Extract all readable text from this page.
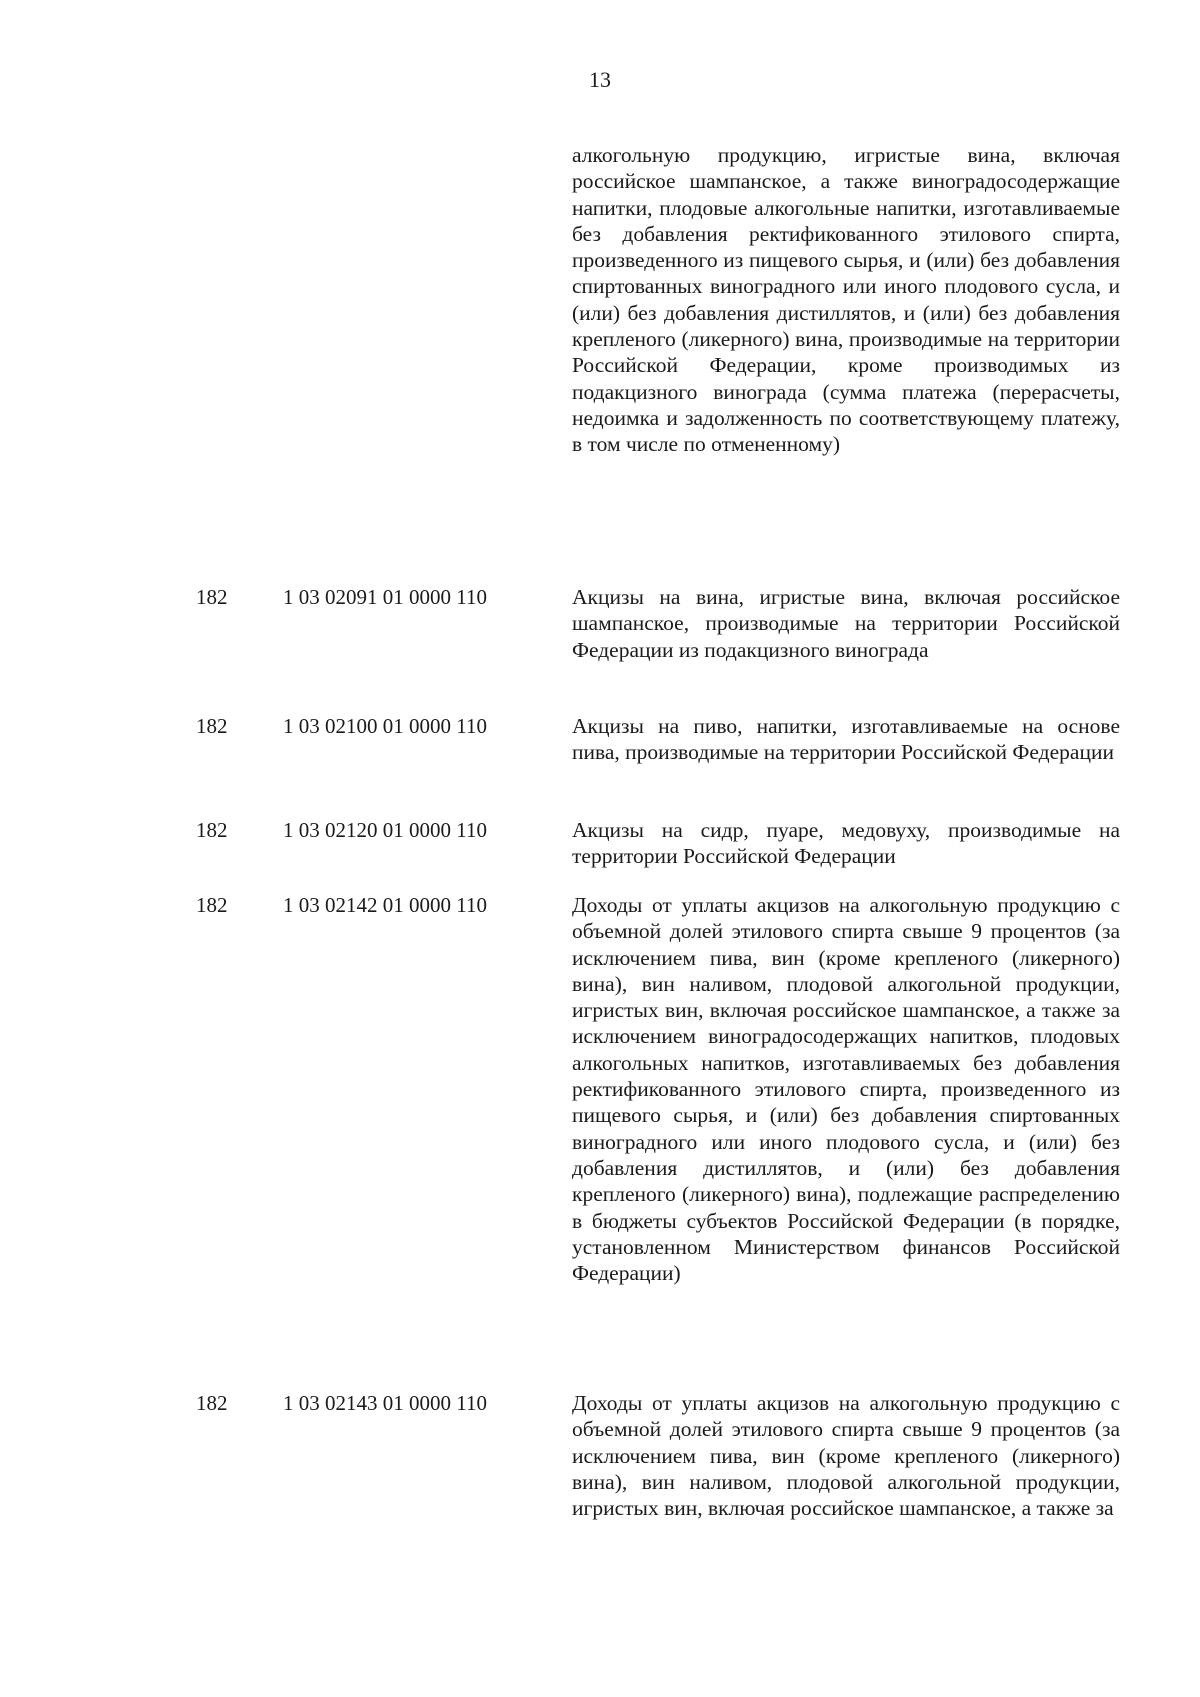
13
алкогольную продукцию, игристые вина, включая российское шампанское, а также виноградосодержащие напитки, плодовые алкогольные напитки, изготавливаемые без добавления ректификованного этилового спирта, произведенного из пищевого сырья, и (или) без добавления спиртованных виноградного или иного плодового сусла, и (или) без добавления дистиллятов, и (или) без добавления крепленого (ликерного) вина, производимые на территории Российской Федерации, кроме производимых из подакцизного винограда (сумма платежа (перерасчеты, недоимка и задолженность по соответствующему платежу, в том числе по отмененному)
182	1 03 02091 01 0000 110	Акцизы на вина, игристые вина, включая российское шампанское, производимые на территории Российской Федерации из подакцизного винограда
182	1 03 02100 01 0000 110	Акцизы на пиво, напитки, изготавливаемые на основе пива, производимые на территории Российской Федерации
182	1 03 02120 01 0000 110	Акцизы на сидр, пуаре, медовуху, производимые на территории Российской Федерации
182	1 03 02142 01 0000 110	Доходы от уплаты акцизов на алкогольную продукцию с объемной долей этилового спирта свыше 9 процентов (за исключением пива, вин (кроме крепленого (ликерного) вина), вин наливом, плодовой алкогольной продукции, игристых вин, включая российское шампанское, а также за исключением виноградосодержащих напитков, плодовых алкогольных напитков, изготавливаемых без добавления ректификованного этилового спирта, произведенного из пищевого сырья, и (или) без добавления спиртованных виноградного или иного плодового сусла, и (или) без добавления дистиллятов, и (или) без добавления крепленого (ликерного) вина), подлежащие распределению в бюджеты субъектов Российской Федерации (в порядке, установленном Министерством финансов Российской Федерации)
182	1 03 02143 01 0000 110	Доходы от уплаты акцизов на алкогольную продукцию с объемной долей этилового спирта свыше 9 процентов (за исключением пива, вин (кроме крепленого (ликерного) вина), вин наливом, плодовой алкогольной продукции, игристых вин, включая российское шампанское, а также за
